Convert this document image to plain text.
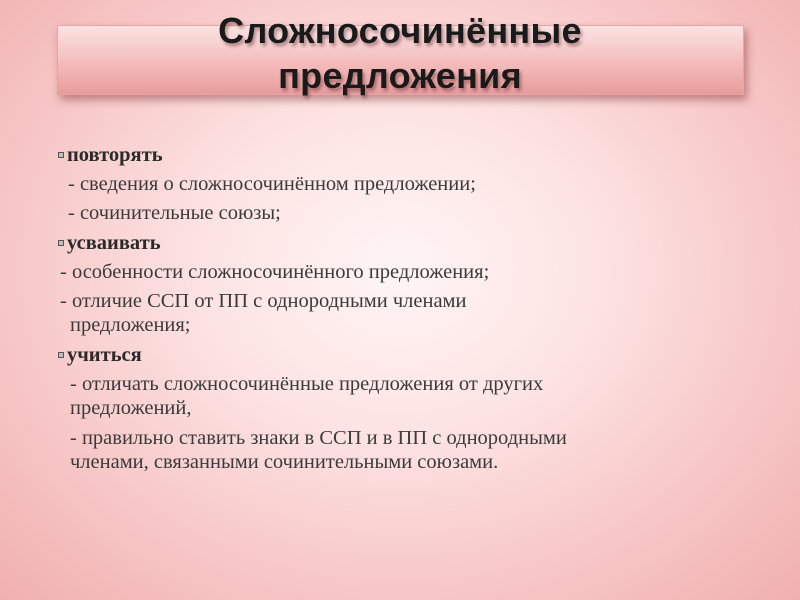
Сложносочинённые
предложения
повторять
- сведения о сложносочинённом предложении;
- сочинительные союзы;
усваивать
- особенности сложносочинённого предложения;
- отличие ССП от ПП с однородными членами
предложения;
учиться
- отличать сложносочинённые предложения от других
предложений,
- правильно ставить знаки в ССП и в ПП с однородными
членами, связанными сочинительными союзами.
